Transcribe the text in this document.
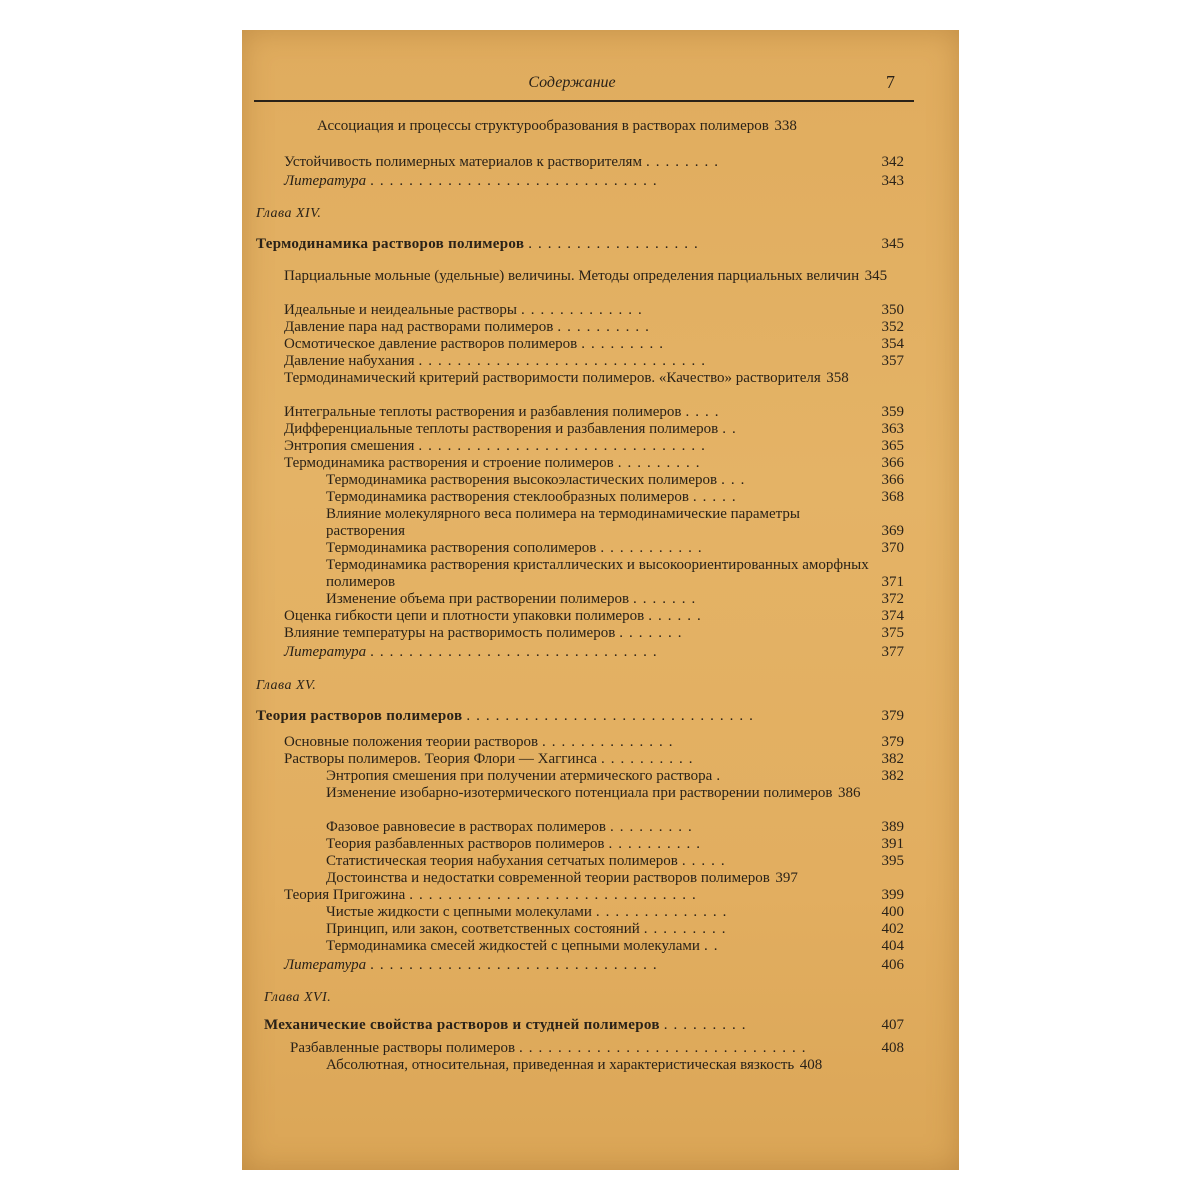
Содержание	7
Ассоциация и процессы структурообразования в растворах полимеров 338
Устойчивость полимерных материалов к растворителям ........	342
Литература ..............................	343
Глава XIV.
Термодинамика растворов полимеров ..................	345
Парциальные мольные (удельные) величины. Методы определения парциальных величин 345
Идеальные и неидеальные растворы .............	350
Давление пара над растворами полимеров ..........	352
Осмотическое давление растворов полимеров .........	354
Давление набухания ..............................	357
Термодинамический критерий растворимости полимеров. «Качество» растворителя 358
Интегральные теплоты растворения и разбавления полимеров ....	359
Дифференциальные теплоты растворения и разбавления полимеров ..	363
Энтропия смешения ..............................	365
Термодинамика растворения и строение полимеров .........	366
Термодинамика растворения высокоэластических полимеров ...	366
Термодинамика растворения стеклообразных полимеров .....	368
Влияние молекулярного веса полимера на термодинамические параметры растворения	369
Термодинамика растворения сополимеров ...........	370
Термодинамика растворения кристаллических и высокоориентированных аморфных полимеров	371
Изменение объема при растворении полимеров .......	372
Оценка гибкости цепи и плотности упаковки полимеров ......	374
Влияние температуры на растворимость полимеров .......	375
Литература ..............................	377
Глава XV.
Теория растворов полимеров ..............................	379
Основные положения теории растворов ..............	379
Растворы полимеров. Теория Флори — Хаггинса ..........	382
Энтропия смешения при получении атермического раствора .	382
Изменение изобарно-изотермического потенциала при растворении полимеров 386
Фазовое равновесие в растворах полимеров .........	389
Теория разбавленных растворов полимеров ..........	391
Статистическая теория набухания сетчатых полимеров .....	395
Достоинства и недостатки современной теории растворов полимеров 397
Теория Пригожина ..............................	399
Чистые жидкости с цепными молекулами ..............	400
Принцип, или закон, соответственных состояний .........	402
Термодинамика смесей жидкостей с цепными молекулами ..	404
Литература ..............................	406
Глава XVI.
Механические свойства растворов и студней полимеров .........	407
Разбавленные растворы полимеров ..............................	408
Абсолютная, относительная, приведенная и характеристическая вязкость 408
